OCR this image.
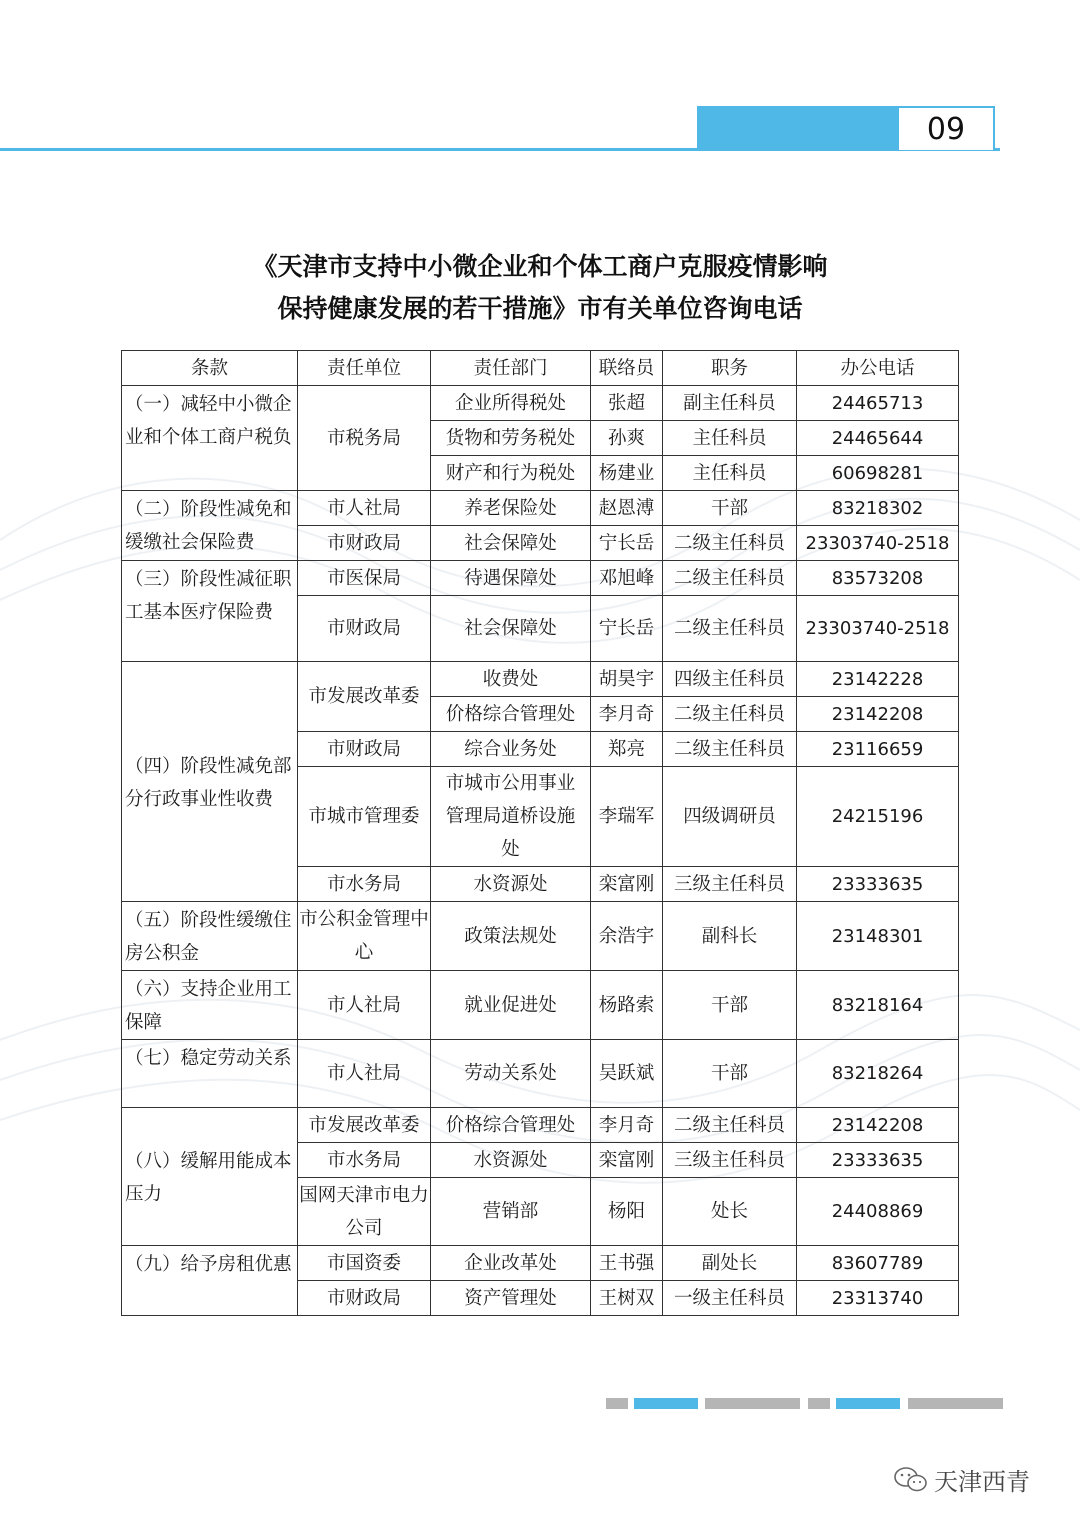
09
《天津市支持中小微企业和个体工商户克服疫情影响
保持健康发展的若干措施》市有关单位咨询电话
条款	责任单位	责任部门	联络员	职务	办公电话
（一）减轻中小微企业和个体工商户税负	市税务局	企业所得税处	张超	副主任科员	24465713
		货物和劳务税处	孙爽	主任科员	24465644
		财产和行为税处	杨建业	主任科员	60698281
（二）阶段性减免和缓缴社会保险费	市人社局	养老保险处	赵恩溥	干部	83218302
	市财政局	社会保障处	宁长岳	二级主任科员	23303740-2518
（三）阶段性减征职工基本医疗保险费	市医保局	待遇保障处	邓旭峰	二级主任科员	83573208
	市财政局	社会保障处	宁长岳	二级主任科员	23303740-2518
（四）阶段性减免部分行政事业性收费	市发展改革委	收费处	胡昊宇	四级主任科员	23142228
		价格综合管理处	李月奇	二级主任科员	23142208
	市财政局	综合业务处	郑亮	二级主任科员	23116659
	市城市管理委	市城市公用事业管理局道桥设施处	李瑞军	四级调研员	24215196
	市水务局	水资源处	栾富刚	三级主任科员	23333635
（五）阶段性缓缴住房公积金	市公积金管理中心	政策法规处	余浩宇	副科长	23148301
（六）支持企业用工保障	市人社局	就业促进处	杨路索	干部	83218164
（七）稳定劳动关系	市人社局	劳动关系处	吴跃斌	干部	83218264
（八）缓解用能成本压力	市发展改革委	价格综合管理处	李月奇	二级主任科员	23142208
	市水务局	水资源处	栾富刚	三级主任科员	23333635
	国网天津市电力公司	营销部	杨阳	处长	24408869
（九）给予房租优惠	市国资委	企业改革处	王书强	副处长	83607789
	市财政局	资产管理处	王树双	一级主任科员	23313740
天津西青
